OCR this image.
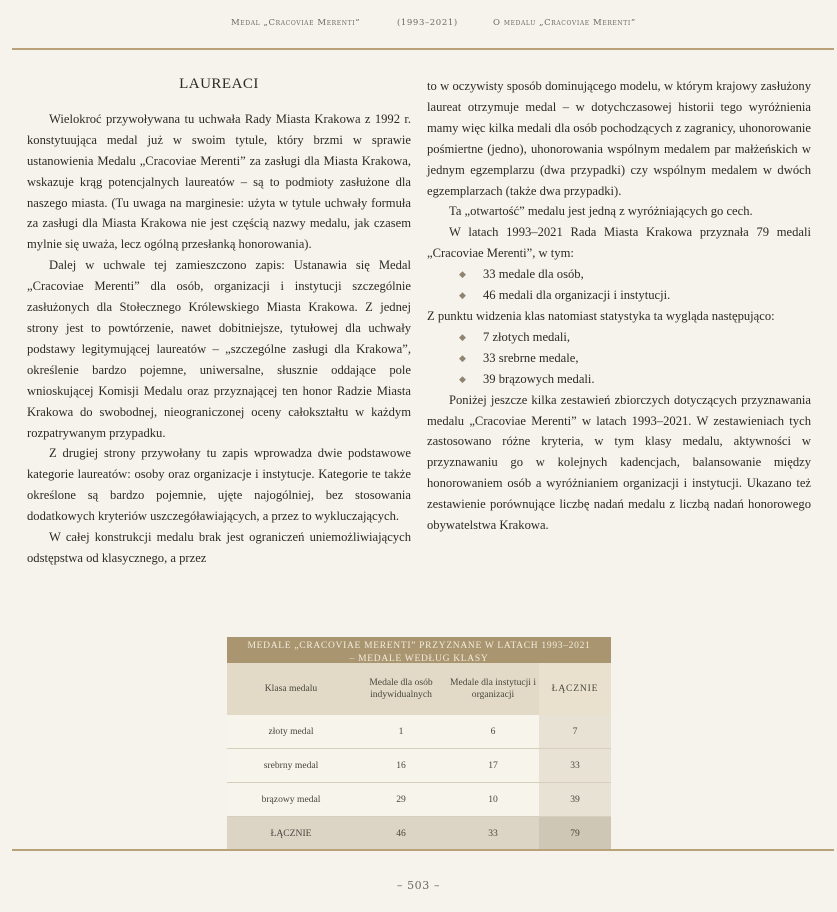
Medal „Cracoviae Merenti”	(1993–2021)	O medalu „Cracoviae Merenti”
LAUREACI

Wielokroć przywoływana tu uchwała Rady Miasta Krakowa z 1992 r. konstytuująca medal już w swoim tytule, który brzmi w sprawie ustanowienia Medalu „Cracoviae Merenti” za zasługi dla Miasta Krakowa, wskazuje krąg potencjalnych laureatów – są to podmioty zasłużone dla naszego miasta. (Tu uwaga na marginesie: użyta w tytule uchwały formuła za zasługi dla Miasta Krakowa nie jest częścią nazwy medalu, jak czasem mylnie się uważa, lecz ogólną przesłanką honorowania).

Dalej w uchwale tej zamieszczono zapis: Ustanawia się Medal „Cracoviae Merenti” dla osób, organizacji i instytucji szczególnie zasłużonych dla Stołecznego Królewskiego Miasta Krakowa. Z jednej strony jest to powtórzenie, nawet dobitniejsze, tytułowej dla uchwały podstawy legitymującej laureatów – „szczególne zasługi dla Krakowa”, określenie bardzo pojemne, uniwersalne, słusznie oddające pole wnioskującej Komisji Medalu oraz przyznającej ten honor Radzie Miasta Krakowa do swobodnej, nieograniczonej oceny całokształtu w każdym rozpatrywanym przypadku.

Z drugiej strony przywołany tu zapis wprowadza dwie podstawowe kategorie laureatów: osoby oraz organizacje i instytucje. Kategorie te także określone są bardzo pojemnie, ujęte najogólniej, bez stosowania dodatkowych kryteriów uszczegóławiających, a przez to wykluczających.

W całej konstrukcji medalu brak jest ograniczeń uniemożliwiających odstępstwa od klasycznego, a przez

to w oczywisty sposób dominującego modelu, w którym krajowy zasłużony laureat otrzymuje medal – w dotychczasowej historii tego wyróżnienia mamy więc kilka medali dla osób pochodzących z zagranicy, uhonorowanie pośmiertne (jedno), uhonorowania wspólnym medalem par małżeńskich w jednym egzemplarzu (dwa przypadki) czy wspólnym medalem w dwóch egzemplarzach (także dwa przypadki).

Ta „otwartość” medalu jest jedną z wyróżniających go cech.

W latach 1993–2021 Rada Miasta Krakowa przyznała 79 medali „Cracoviae Merenti”, w tym:

◆ 33 medale dla osób,
◆ 46 medali dla organizacji i instytucji.

Z punktu widzenia klas natomiast statystyka ta wygląda następująco:

◆ 7 złotych medali,
◆ 33 srebrne medale,
◆ 39 brązowych medali.

Poniżej jeszcze kilka zestawień zbiorczych dotyczących przyznawania medalu „Cracoviae Merenti” w latach 1993–2021. W zestawieniach tych zastosowano różne kryteria, w tym klasy medalu, aktywności w przyznawaniu go w kolejnych kadencjach, balansowanie między honorowaniem osób a wyróżnianiem organizacji i instytucji. Ukazano też zestawienie porównujące liczbę nadań medalu z liczbą nadań honorowego obywatelstwa Krakowa.

MEDALE „CRACOVIAE MERENTI” PRZYZNANE W LATACH 1993–2021
– MEDALE WEDŁUG KLASY
Klasa medalu	Medale dla osób indywidualnych	Medale dla instytucji i organizacji	ŁĄCZNIE
złoty medal	1	6	7
srebrny medal	16	17	33
brązowy medal	29	10	39
ŁĄCZNIE	46	33	79
– 503 –
